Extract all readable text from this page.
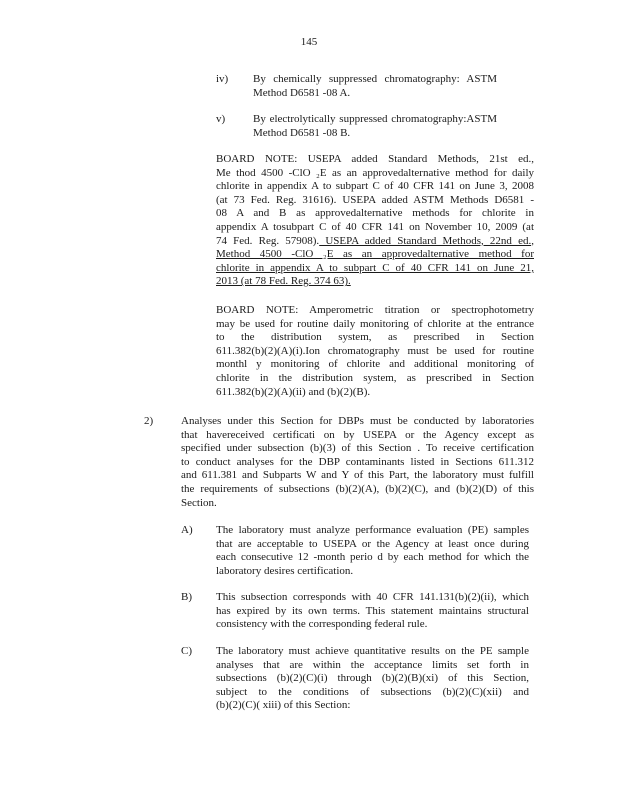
145
iv) By chemically suppressed chromatography: ASTM
Method D6581 -08 A.
v)	By electrolytically suppressed chromatography:ASTM
Method D6581 -08 B.
BOARD NOTE: USEPA added Standard Methods, 21st ed.,
Me thod 4500 -ClO ₂E as an approvedalternative method for daily
chlorite in appendix A to subpart C of 40 CFR 141 on June 3, 2008
(at 73 Fed. Reg. 31616). USEPA added ASTM Methods D6581 -
08 A and B as approvedalternative methods for chlorite in
appendix A tosubpart C of 40 CFR 141 on November 10, 2009 (at
74 Fed. Reg. 57908). USEPA added Standard Methods, 22nd ed.,
Method 4500 -ClO ₂E as an approvedalternative method for
chlorite in appendix A to subpart C of 40 CFR 141 on June 21,
2013 (at 78 Fed. Reg. 374 63).
BOARD NOTE: Amperometric titration or spectrophotometry
may be used for routine daily monitoring of chlorite at the entrance
to the distribution system, as prescribed in Section
611.382(b)(2)(A)(i).Ion chromatography must be used for routine
monthl y monitoring of chlorite and additional monitoring of
chlorite in the distribution system, as prescribed in Section
611.382(b)(2)(A)(ii) and (b)(2)(B).
2)	Analyses under this Section for DBPs must be conducted by laboratories
that havereceived certificati on by USEPA or the Agency except as
specified under subsection (b)(3) of this Section . To receive certification
to conduct analyses for the DBP contaminants listed in Sections 611.312
and 611.381 and Subparts W and Y of this Part, the laboratory must fulfill
the requirements of subsections (b)(2)(A), (b)(2)(C), and (b)(2)(D) of this
Section.
A) The laboratory must analyze performance evaluation (PE) samples
that are acceptable to USEPA or the Agency at least once during
each consecutive 12 -month perio d by each method for which the
laboratory desires certification.
B) This subsection corresponds with 40 CFR 141.131(b)(2)(ii), which
has expired by its own terms. This statement maintains structural
consistency with the corresponding federal rule.
C) The laboratory must achieve quantitative results on the PE sample
analyses that are within the acceptance limits set forth in
subsections (b)(2)(C)(i) through (b)(2)(B)(xi) of this Section,
subject to the conditions of subsections (b)(2)(C)(xii) and
(b)(2)(C)( xiii) of this Section:
